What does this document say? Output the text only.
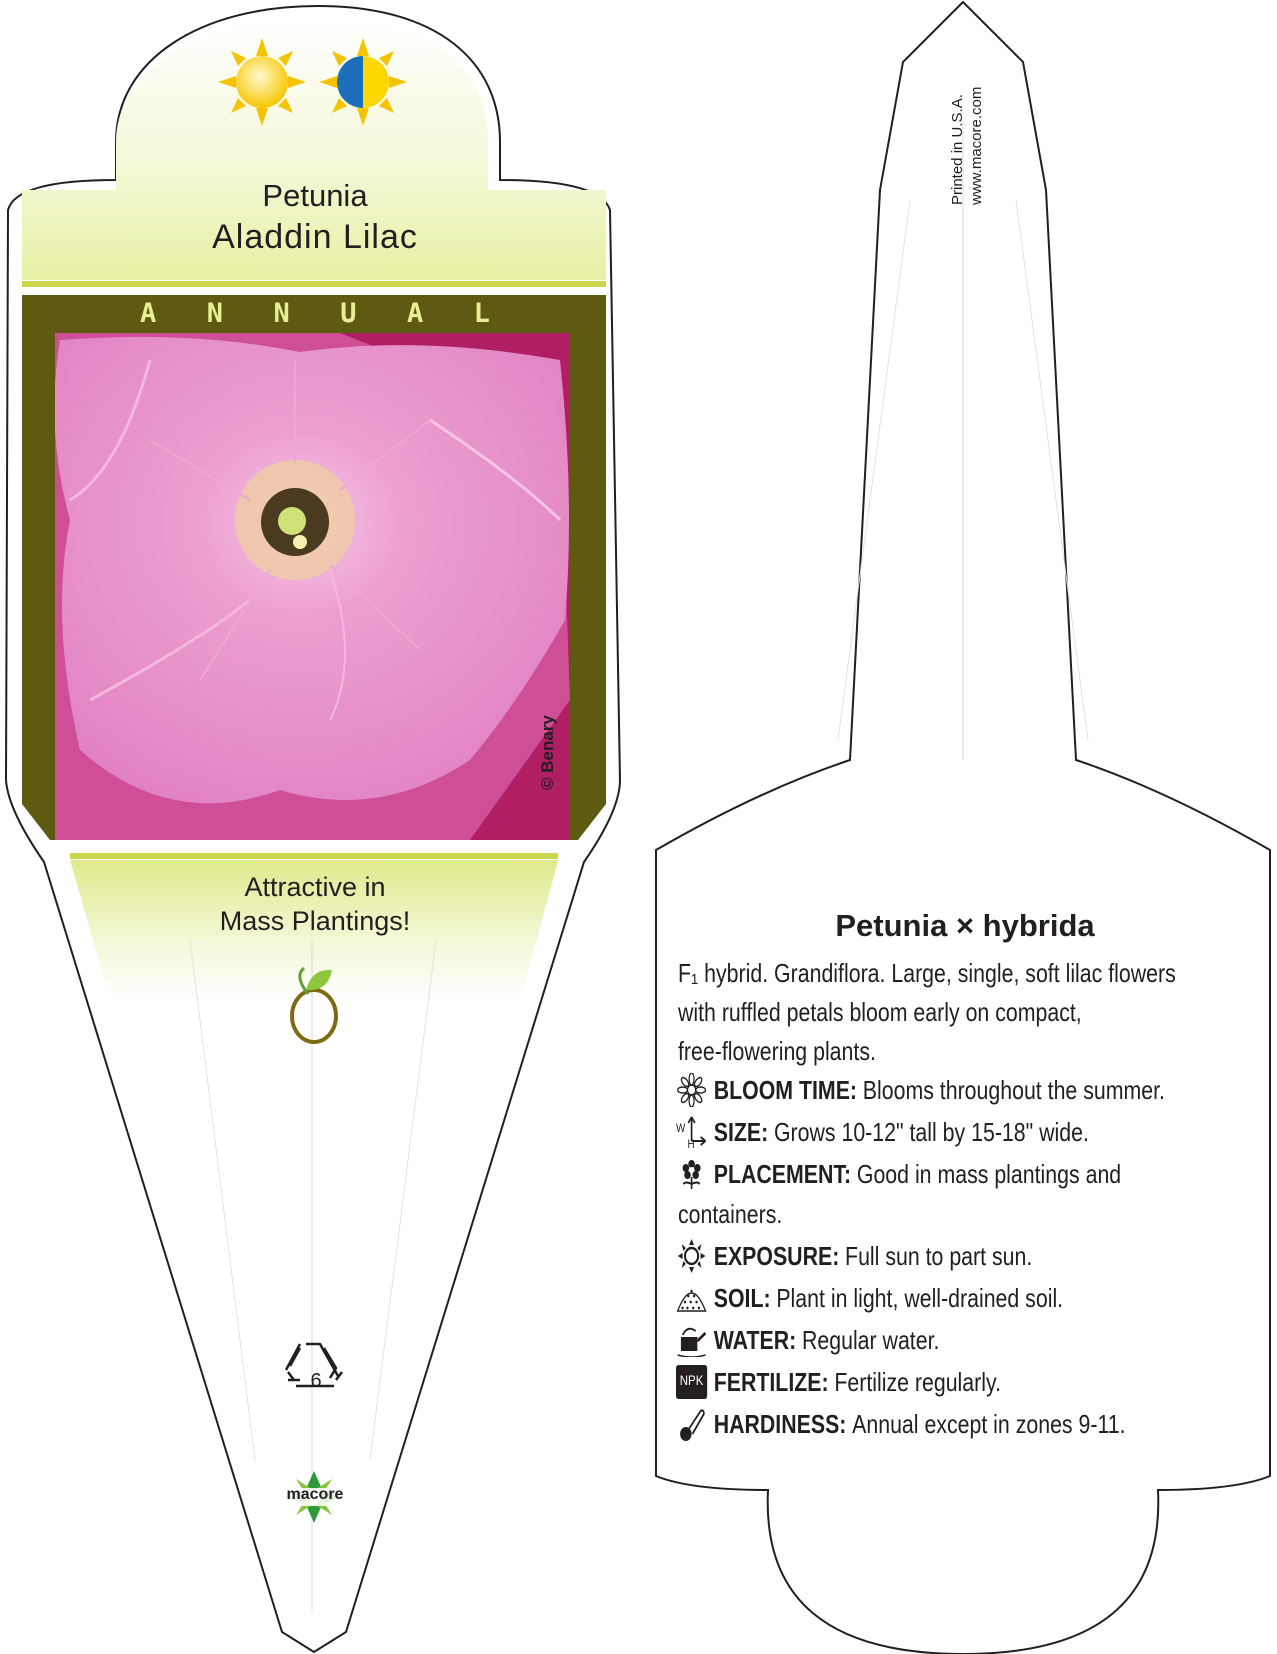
Petunia
Aladdin Lilac
A N N U A L
© Benary
Attractive in
Mass Plantings!
6
macore
Printed in U.S.A. www.macore.com
Petunia × hybrida
F₁ hybrid. Grandiflora. Large, single, soft lilac flowers
with ruffled petals bloom early on compact,
free-flowering plants.
BLOOM TIME: Blooms throughout the summer.
W
H SIZE: Grows 10-12" tall by 15-18" wide.
PLACEMENT: Good in mass plantings and
containers.
EXPOSURE: Full sun to part sun.
SOIL: Plant in light, well-drained soil.
WATER: Regular water.
NPK FERTILIZE: Fertilize regularly.
HARDINESS: Annual except in zones 9-11.
